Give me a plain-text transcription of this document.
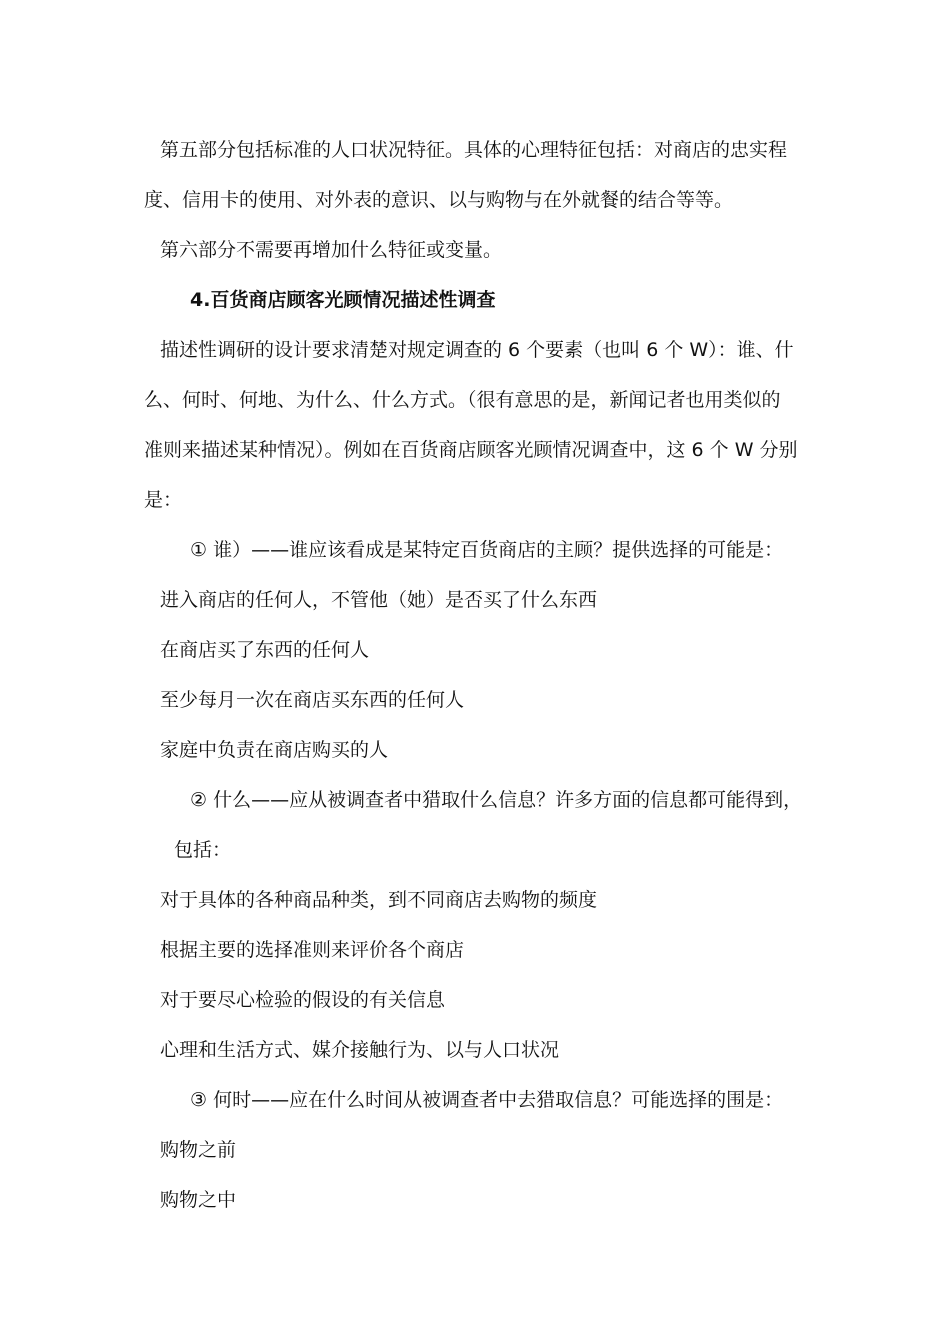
第五部分包括标准的人口状况特征。具体的心理特征包括：对商店的忠实程
度、信用卡的使用、对外表的意识、以与购物与在外就餐的结合等等。
第六部分不需要再增加什么特征或变量。
4.百货商店顾客光顾情况描述性调查
描述性调研的设计要求清楚对规定调查的 6 个要素（也叫 6 个 W）：谁、什
么、何时、何地、为什么、什么方式。（很有意思的是，新闻记者也用类似的
准则来描述某种情况）。例如在百货商店顾客光顾情况调查中，这 6 个 W 分别
是：
① 谁）——谁应该看成是某特定百货商店的主顾？提供选择的可能是：
进入商店的任何人，不管他（她）是否买了什么东西
在商店买了东西的任何人
至少每月一次在商店买东西的任何人
家庭中负责在商店购买的人
② 什么——应从被调查者中猎取什么信息？许多方面的信息都可能得到，
包括：
对于具体的各种商品种类，到不同商店去购物的频度
根据主要的选择准则来评价各个商店
对于要尽心检验的假设的有关信息
心理和生活方式、媒介接触行为、以与人口状况
③ 何时——应在什么时间从被调查者中去猎取信息？可能选择的围是：
购物之前
购物之中
